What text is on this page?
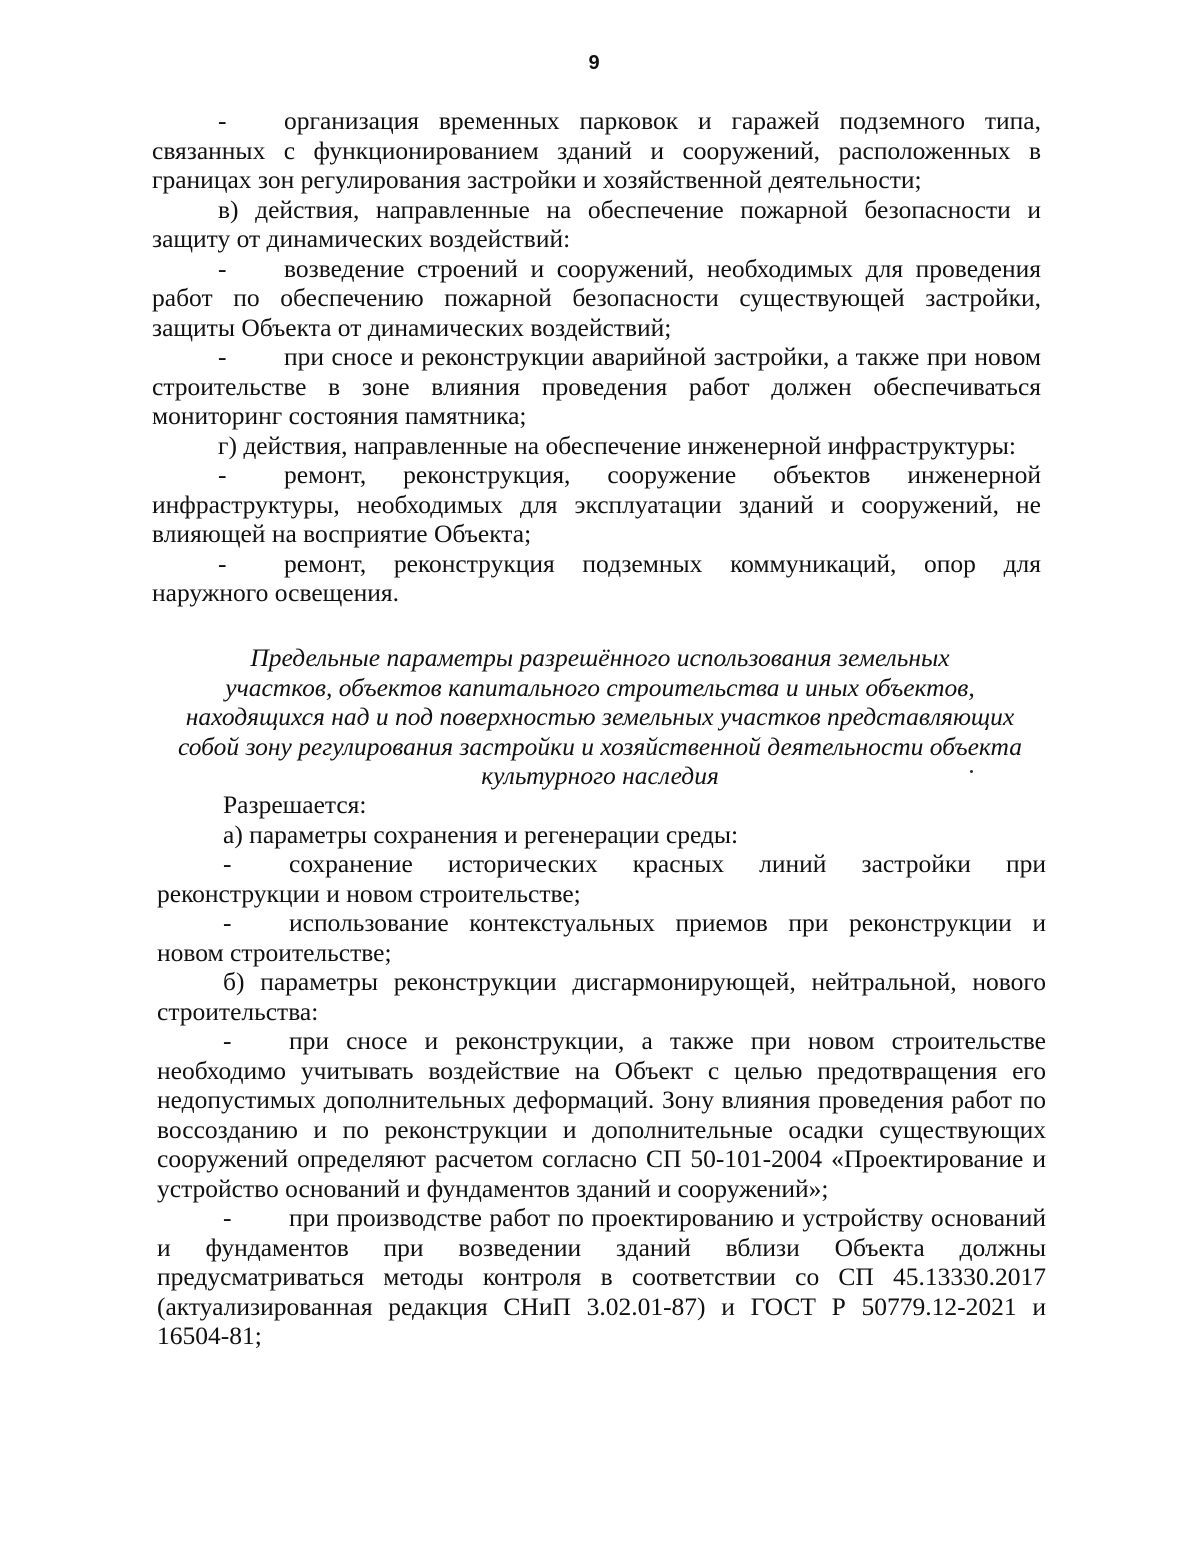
9

- организация временных парковок и гаражей подземного типа, связанных с функционированием зданий и сооружений, расположенных в границах зон регулирования застройки и хозяйственной деятельности;

в) действия, направленные на обеспечение пожарной безопасности и защиту от динамических воздействий:

- возведение строений и сооружений, необходимых для проведения работ по обеспечению пожарной безопасности существующей застройки, защиты Объекта от динамических воздействий;

- при сносе и реконструкции аварийной застройки, а также при новом строительстве в зоне влияния проведения работ должен обеспечиваться мониторинг состояния памятника;

г) действия, направленные на обеспечение инженерной инфраструктуры:

- ремонт, реконструкция, сооружение объектов инженерной инфраструктуры, необходимых для эксплуатации зданий и сооружений, не влияющей на восприятие Объекта;

- ремонт, реконструкция подземных коммуникаций, опор для наружного освещения.

Предельные параметры разрешённого использования земельных
участков, объектов капитального строительства и иных объектов,
находящихся над и под поверхностью земельных участков представляющих
собой зону регулирования застройки и хозяйственной деятельности объекта
культурного наследия

Разрешается:

а) параметры сохранения и регенерации среды:

- сохранение исторических красных линий застройки при реконструкции и новом строительстве;

- использование контекстуальных приемов при реконструкции и новом строительстве;

б) параметры реконструкции дисгармонирующей, нейтральной, нового строительства:

- при сносе и реконструкции, а также при новом строительстве необходимо учитывать воздействие на Объект с целью предотвращения его недопустимых дополнительных деформаций. Зону влияния проведения работ по воссозданию и по реконструкции и дополнительные осадки существующих сооружений определяют расчетом согласно СП 50-101-2004 «Проектирование и устройство оснований и фундаментов зданий и сооружений»;

- при производстве работ по проектированию и устройству оснований и фундаментов при возведении зданий вблизи Объекта должны предусматриваться методы контроля в соответствии со СП 45.13330.2017 (актуализированная редакция СНиП 3.02.01-87) и ГОСТ Р 50779.12-2021 и 16504-81;
